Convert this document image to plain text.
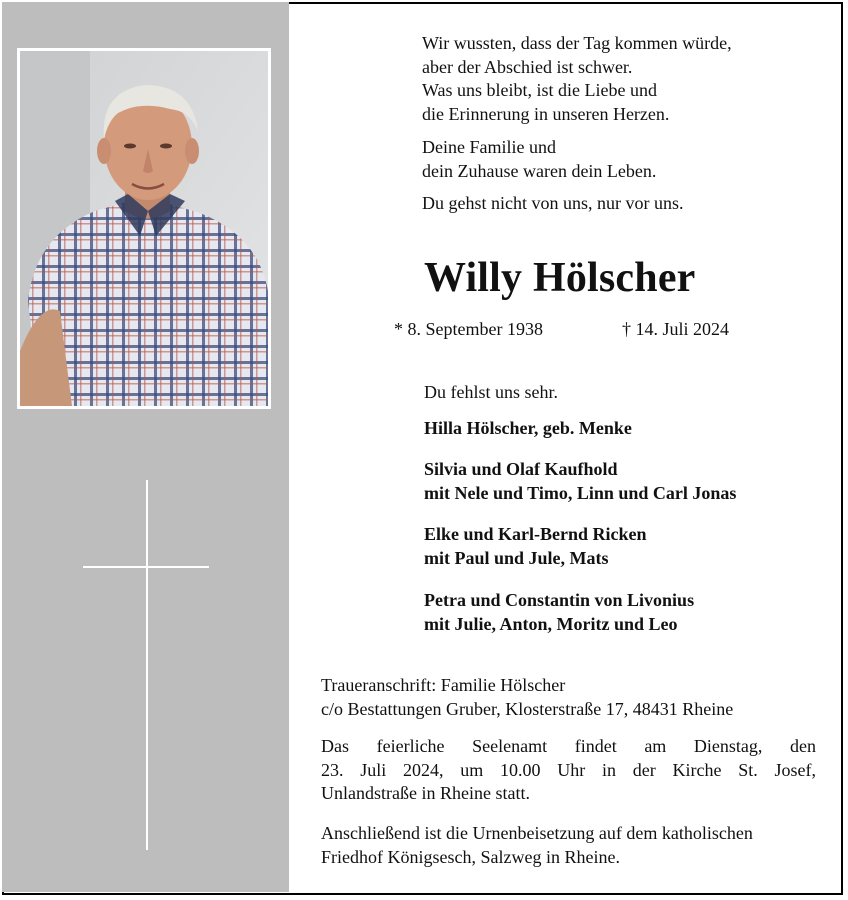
Wir wussten, dass der Tag kommen würde,
aber der Abschied ist schwer.
Was uns bleibt, ist die Liebe und
die Erinnerung in unseren Herzen.
Deine Familie und
dein Zuhause waren dein Leben.
Du gehst nicht von uns, nur vor uns.
Willy Hölscher
* 8. September 1938	† 14. Juli 2024
Du fehlst uns sehr.
Hilla Hölscher, geb. Menke
Silvia und Olaf Kaufhold
mit Nele und Timo, Linn und Carl Jonas
Elke und Karl-Bernd Ricken
mit Paul und Jule, Mats
Petra und Constantin von Livonius
mit Julie, Anton, Moritz und Leo
Traueranschrift: Familie Hölscher
c/o Bestattungen Gruber, Klosterstraße 17, 48431 Rheine
Das feierliche Seelenamt findet am Dienstag, den
23. Juli 2024, um 10.00 Uhr in der Kirche St. Josef,
Unlandstraße in Rheine statt.
Anschließend ist die Urnenbeisetzung auf dem katholischen
Friedhof Königsesch, Salzweg in Rheine.
